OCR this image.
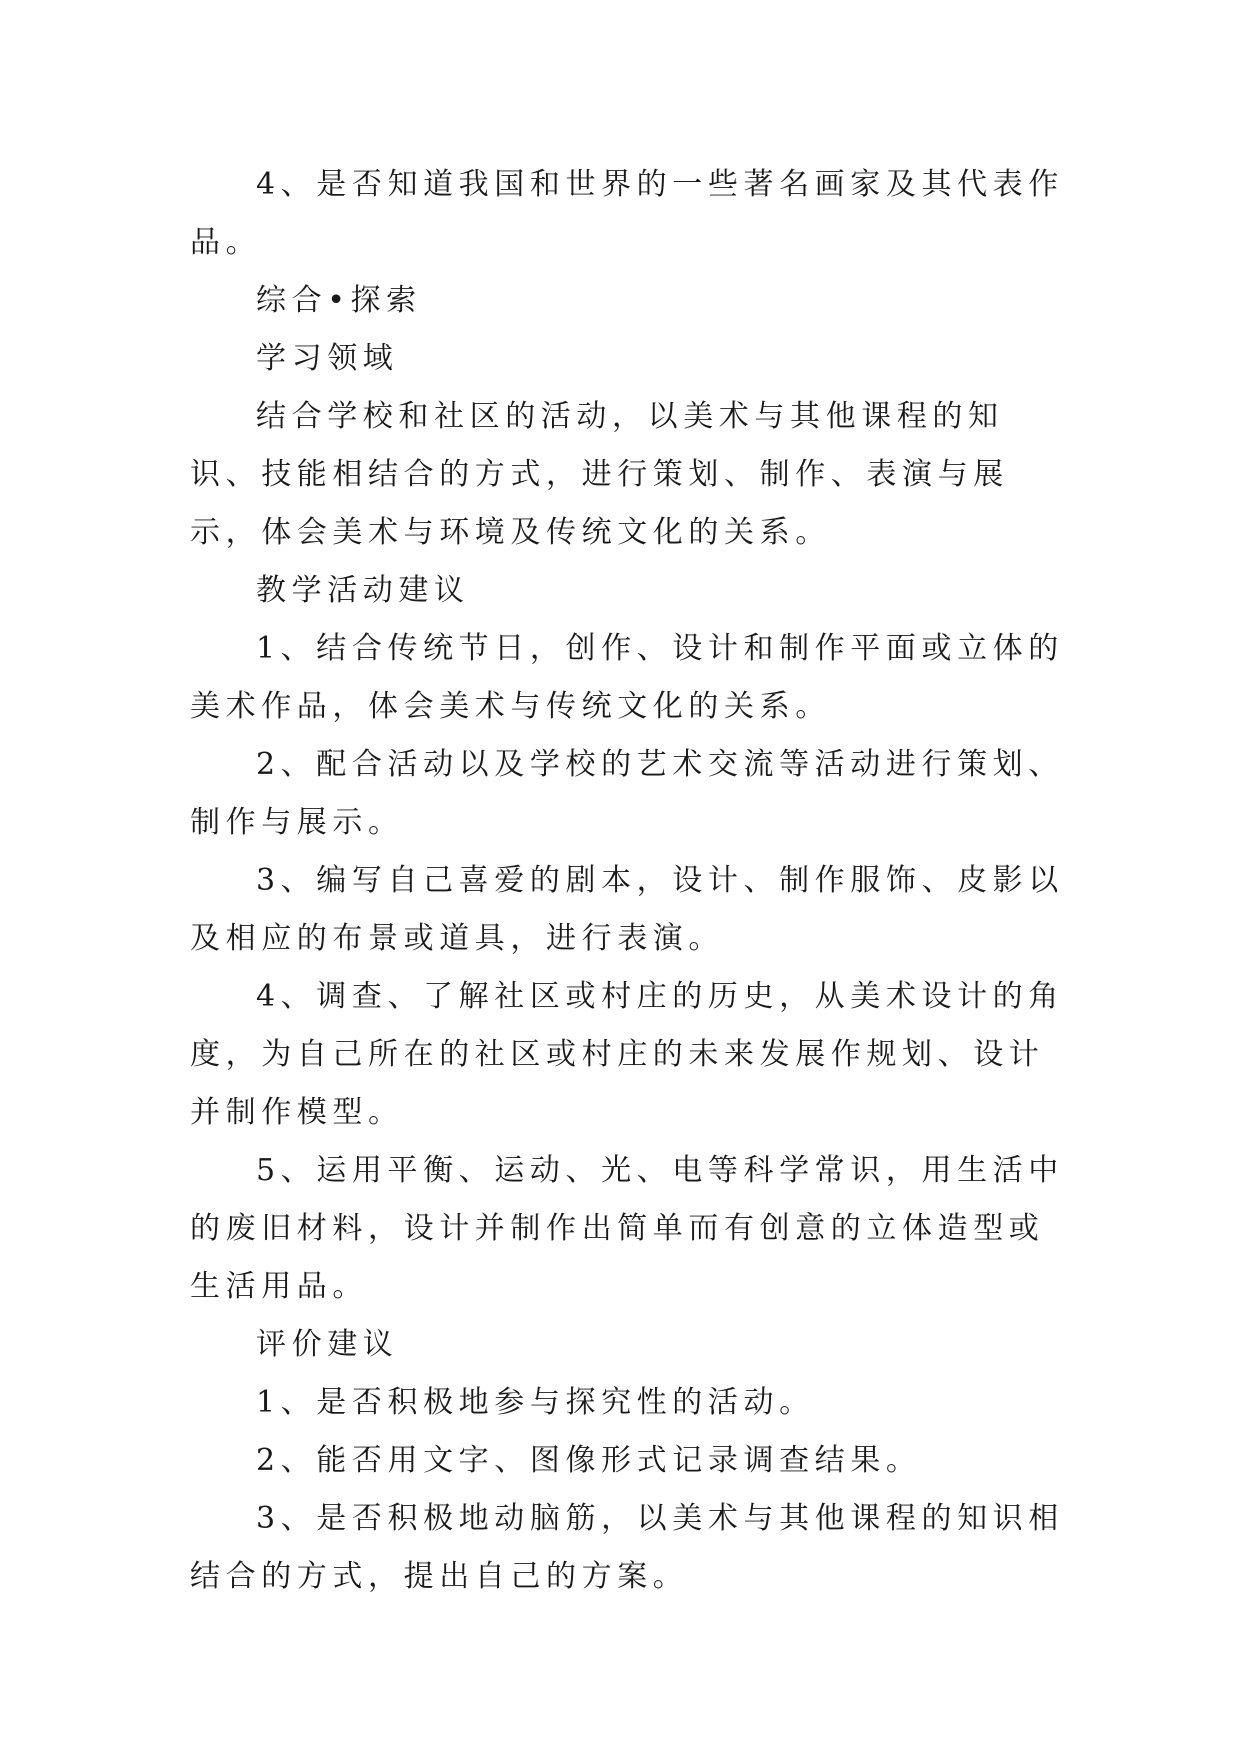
4、是否知道我国和世界的一些著名画家及其代表作品。

综合•探索

学习领域

结合学校和社区的活动，以美术与其他课程的知识、技能相结合的方式，进行策划、制作、表演与展示，体会美术与环境及传统文化的关系。

教学活动建议

1、结合传统节日，创作、设计和制作平面或立体的美术作品，体会美术与传统文化的关系。

2、配合活动以及学校的艺术交流等活动进行策划、制作与展示。

3、编写自己喜爱的剧本，设计、制作服饰、皮影以及相应的布景或道具，进行表演。

4、调查、了解社区或村庄的历史，从美术设计的角度，为自己所在的社区或村庄的未来发展作规划、设计并制作模型。

5、运用平衡、运动、光、电等科学常识，用生活中的废旧材料，设计并制作出简单而有创意的立体造型或生活用品。

评价建议

1、是否积极地参与探究性的活动。

2、能否用文字、图像形式记录调查结果。

3、是否积极地动脑筋，以美术与其他课程的知识相结合的方式，提出自己的方案。
